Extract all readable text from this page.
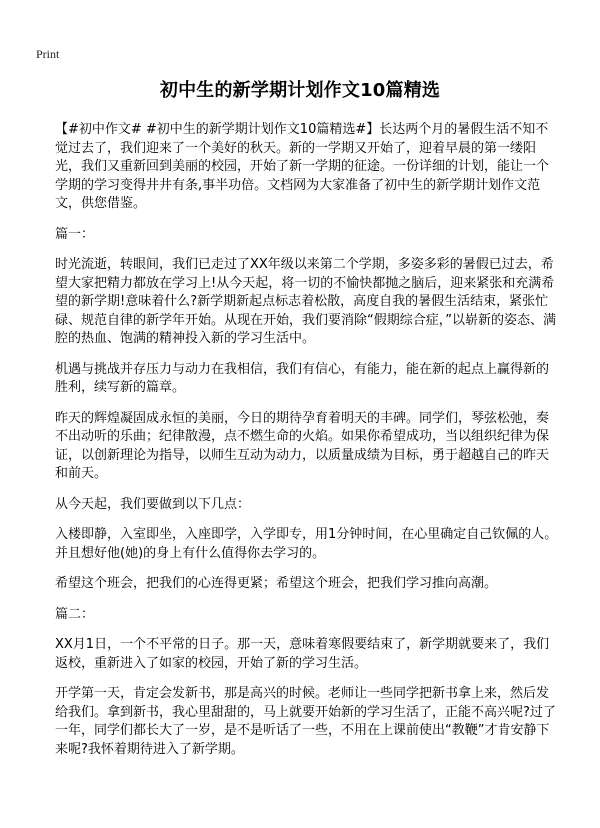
Print
初中生的新学期计划作文10篇精选

【#初中作文# #初中生的新学期计划作文10篇精选#】长达两个月的暑假生活不知不觉过去了，我们迎来了一个美好的秋天。新的一学期又开始了，迎着早晨的第一缕阳光，我们又重新回到美丽的校园，开始了新一学期的征途。一份详细的计划，能让一个学期的学习变得井井有条,事半功倍。文档网为大家准备了初中生的新学期计划作文范文，供您借鉴。

篇一：

时光流逝，转眼间，我们已走过了XX年级以来第二个学期，多姿多彩的暑假已过去，希望大家把精力都放在学习上!从今天起，将一切的不愉快都抛之脑后，迎来紧张和充满希望的新学期!意味着什么?新学期新起点标志着松散，高度自我的暑假生活结束，紧张忙碌、规范自律的新学年开始。从现在开始，我们要消除“假期综合症，”以崭新的姿态、满腔的热血、饱满的精神投入新的学习生活中。

机遇与挑战并存压力与动力在我相信，我们有信心，有能力，能在新的起点上赢得新的胜利，续写新的篇章。

昨天的辉煌凝固成永恒的美丽，今日的期待孕育着明天的丰碑。同学们，琴弦松弛，奏不出动听的乐曲；纪律散漫，点不燃生命的火焰。如果你希望成功，当以组织纪律为保证，以创新理论为指导，以师生互动为动力，以质量成绩为目标，勇于超越自己的昨天和前天。

从今天起，我们要做到以下几点：

入楼即静，入室即坐，入座即学，入学即专，用1分钟时间，在心里确定自己钦佩的人。并且想好他(她)的身上有什么值得你去学习的。

希望这个班会，把我们的心连得更紧；希望这个班会，把我们学习推向高潮。

篇二：

XX月1日，一个不平常的日子。那一天，意味着寒假要结束了，新学期就要来了，我们返校，重新进入了如家的校园，开始了新的学习生活。

开学第一天，肯定会发新书，那是高兴的时候。老师让一些同学把新书拿上来，然后发给我们。拿到新书，我心里甜甜的，马上就要开始新的学习生活了，正能不高兴呢?过了一年，同学们都长大了一岁，是不是听话了一些，不用在上课前使出“教鞭”才肯安静下来呢?我怀着期待进入了新学期。
